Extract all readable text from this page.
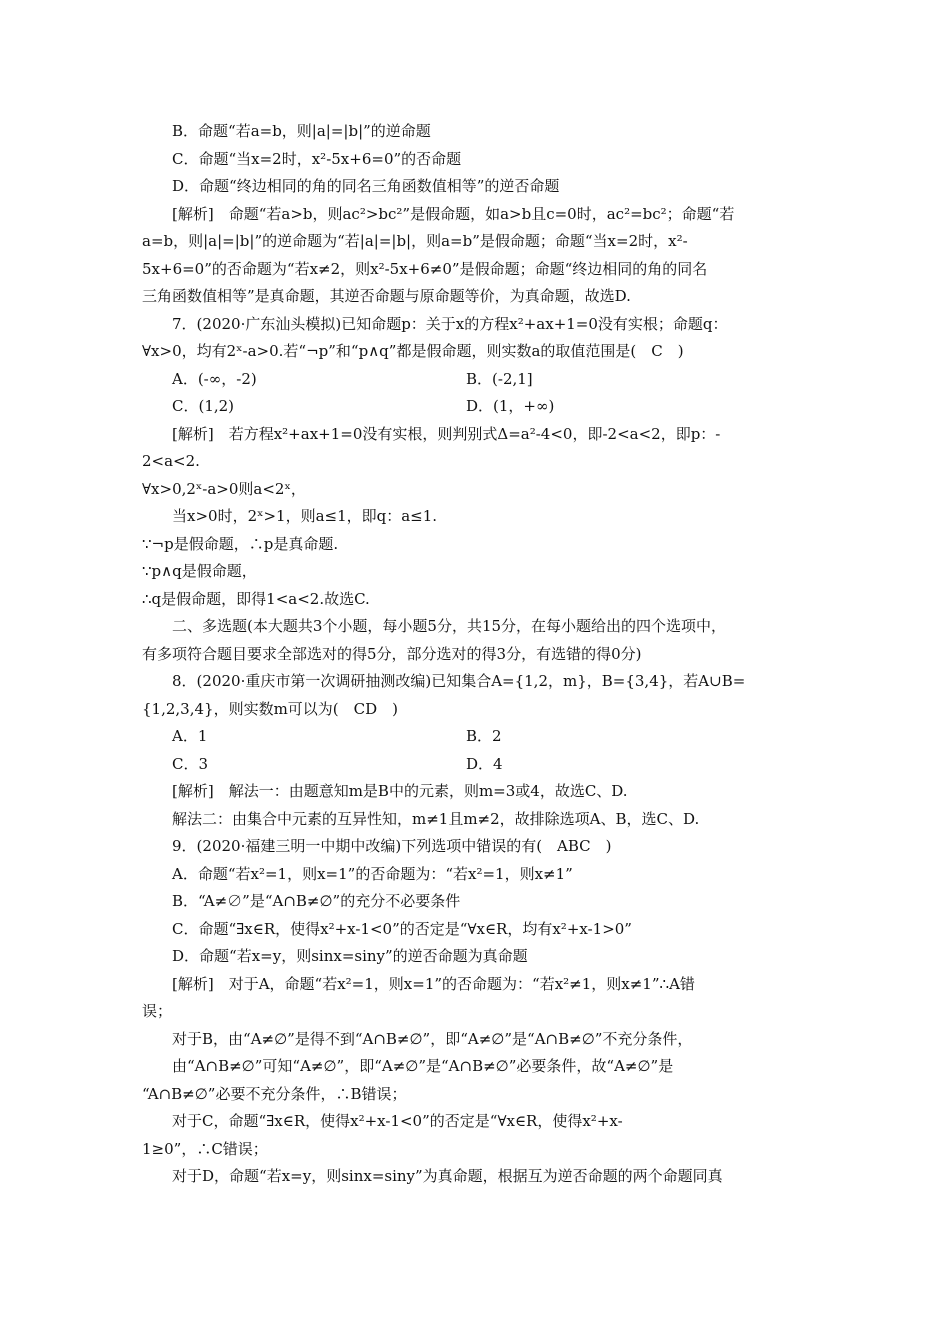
B．命题“若a=b，则|a|=|b|”的逆命题
C．命题“当x=2时，x²-5x+6=0”的否命题
D．命题“终边相同的角的同名三角函数值相等”的逆否命题
[解析]　命题“若a>b，则ac²>bc²”是假命题，如a>b且c=0时，ac²=bc²；命题“若
a=b，则|a|=|b|”的逆命题为“若|a|=|b|，则a=b”是假命题；命题“当x=2时，x²-
5x+6=0”的否命题为“若x≠2，则x²-5x+6≠0”是假命题；命题“终边相同的角的同名
三角函数值相等”是真命题，其逆否命题与原命题等价，为真命题，故选D.
7．(2020·广东汕头模拟)已知命题p：关于x的方程x²+ax+1=0没有实根；命题q：
∀x>0，均有2ˣ-a>0.若“¬p”和“p∧q”都是假命题，则实数a的取值范围是(　C　)
A．(-∞，-2)	B．(-2,1]
C．(1,2)	D．(1，+∞)
[解析]　若方程x²+ax+1=0没有实根，则判别式Δ=a²-4<0，即-2<a<2，即p：-
2<a<2.
∀x>0,2ˣ-a>0则a<2ˣ，
当x>0时，2ˣ>1，则a≤1，即q：a≤1.
∵¬p是假命题，∴p是真命题.
∵p∧q是假命题，
∴q是假命题，即得1<a<2.故选C.
二、多选题(本大题共3个小题，每小题5分，共15分，在每小题给出的四个选项中，
有多项符合题目要求全部选对的得5分，部分选对的得3分，有选错的得0分)
8．(2020·重庆市第一次调研抽测改编)已知集合A={1,2，m}，B={3,4}，若A∪B=
{1,2,3,4}，则实数m可以为(　CD　)
A．1	B．2
C．3	D．4
[解析]　解法一：由题意知m是B中的元素，则m=3或4，故选C、D.
解法二：由集合中元素的互异性知，m≠1且m≠2，故排除选项A、B，选C、D.
9．(2020·福建三明一中期中改编)下列选项中错误的有(　ABC　)
A．命题“若x²=1，则x=1”的否命题为：“若x²=1，则x≠1”
B．“A≠∅”是“A∩B≠∅”的充分不必要条件
C．命题“∃x∈R，使得x²+x-1<0”的否定是“∀x∈R，均有x²+x-1>0”
D．命题“若x=y，则sinx=siny”的逆否命题为真命题
[解析]　对于A，命题“若x²=1，则x=1”的否命题为：“若x²≠1，则x≠1”∴A错
误；
对于B，由“A≠∅”是得不到“A∩B≠∅”，即“A≠∅”是“A∩B≠∅”不充分条件，
由“A∩B≠∅”可知“A≠∅”，即“A≠∅”是“A∩B≠∅”必要条件，故“A≠∅”是
“A∩B≠∅”必要不充分条件，∴B错误；
对于C，命题“∃x∈R，使得x²+x-1<0”的否定是“∀x∈R，使得x²+x-
1≥0”，∴C错误；
对于D，命题“若x=y，则sinx=siny”为真命题，根据互为逆否命题的两个命题同真
